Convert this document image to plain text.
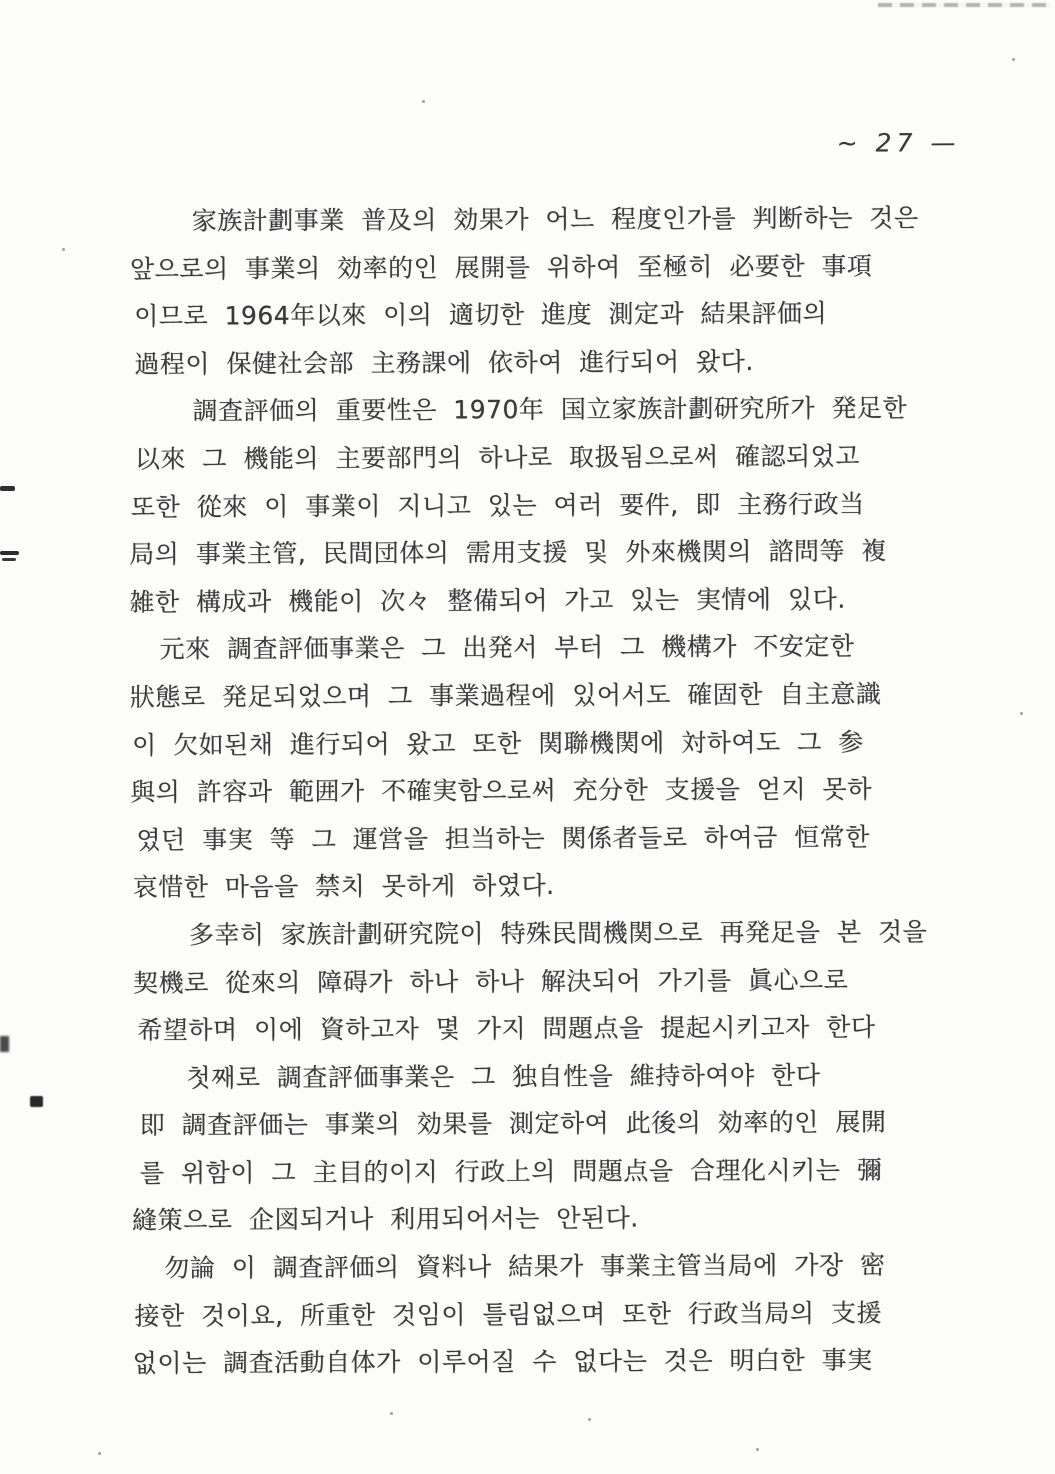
~ 27 —
家族計劃事業 普及의 効果가 어느 程度인가를 判断하는 것은
앞으로의 事業의 効率的인 展開를 위하여 至極히 必要한 事項
이므로 1964年以來 이의 適切한 進度 測定과 結果評価의
過程이 保健社会部 主務課에 依하여 進行되어 왔다.
調査評価의 重要性은 1970年 国立家族計劃研究所가 発足한
以來 그 機能의 主要部門의 하나로 取扱됨으로써 確認되었고
또한 從來 이 事業이 지니고 있는 여러 要件, 即 主務行政当
局의 事業主管, 民間団体의 需用支援 및 外來機関의 諮問等 複
雑한 構成과 機能이 次々 整備되어 가고 있는 実情에 있다.
元來 調査評価事業은 그 出発서 부터 그 機構가 不安定한
狀態로 発足되었으며 그 事業過程에 있어서도 確固한 自主意識
이 欠如된채 進行되어 왔고 또한 関聯機関에 対하여도 그 参
與의 許容과 範囲가 不確実함으로써 充分한 支援을 얻지 못하
였던 事実 等 그 運営을 担当하는 関係者들로 하여금 恒常한
哀惜한 마음을 禁치 못하게 하였다.
多幸히 家族計劃研究院이 特殊民間機関으로 再発足을 본 것을
契機로 從來의 障碍가 하나 하나 解決되어 가기를 眞心으로
希望하며 이에 資하고자 몇 가지 問題点을 提起시키고자 한다
첫째로 調査評価事業은 그 独自性을 維持하여야 한다
即 調査評価는 事業의 効果를 測定하여 此後의 効率的인 展開
를 위함이 그 主目的이지 行政上의 問題点을 合理化시키는 彌
縫策으로 企図되거나 利用되어서는 안된다.
勿論 이 調査評価의 資料나 結果가 事業主管当局에 가장 密
接한 것이요, 所重한 것임이 틀림없으며 또한 行政当局의 支援
없이는 調査活動自体가 이루어질 수 없다는 것은 明白한 事実
